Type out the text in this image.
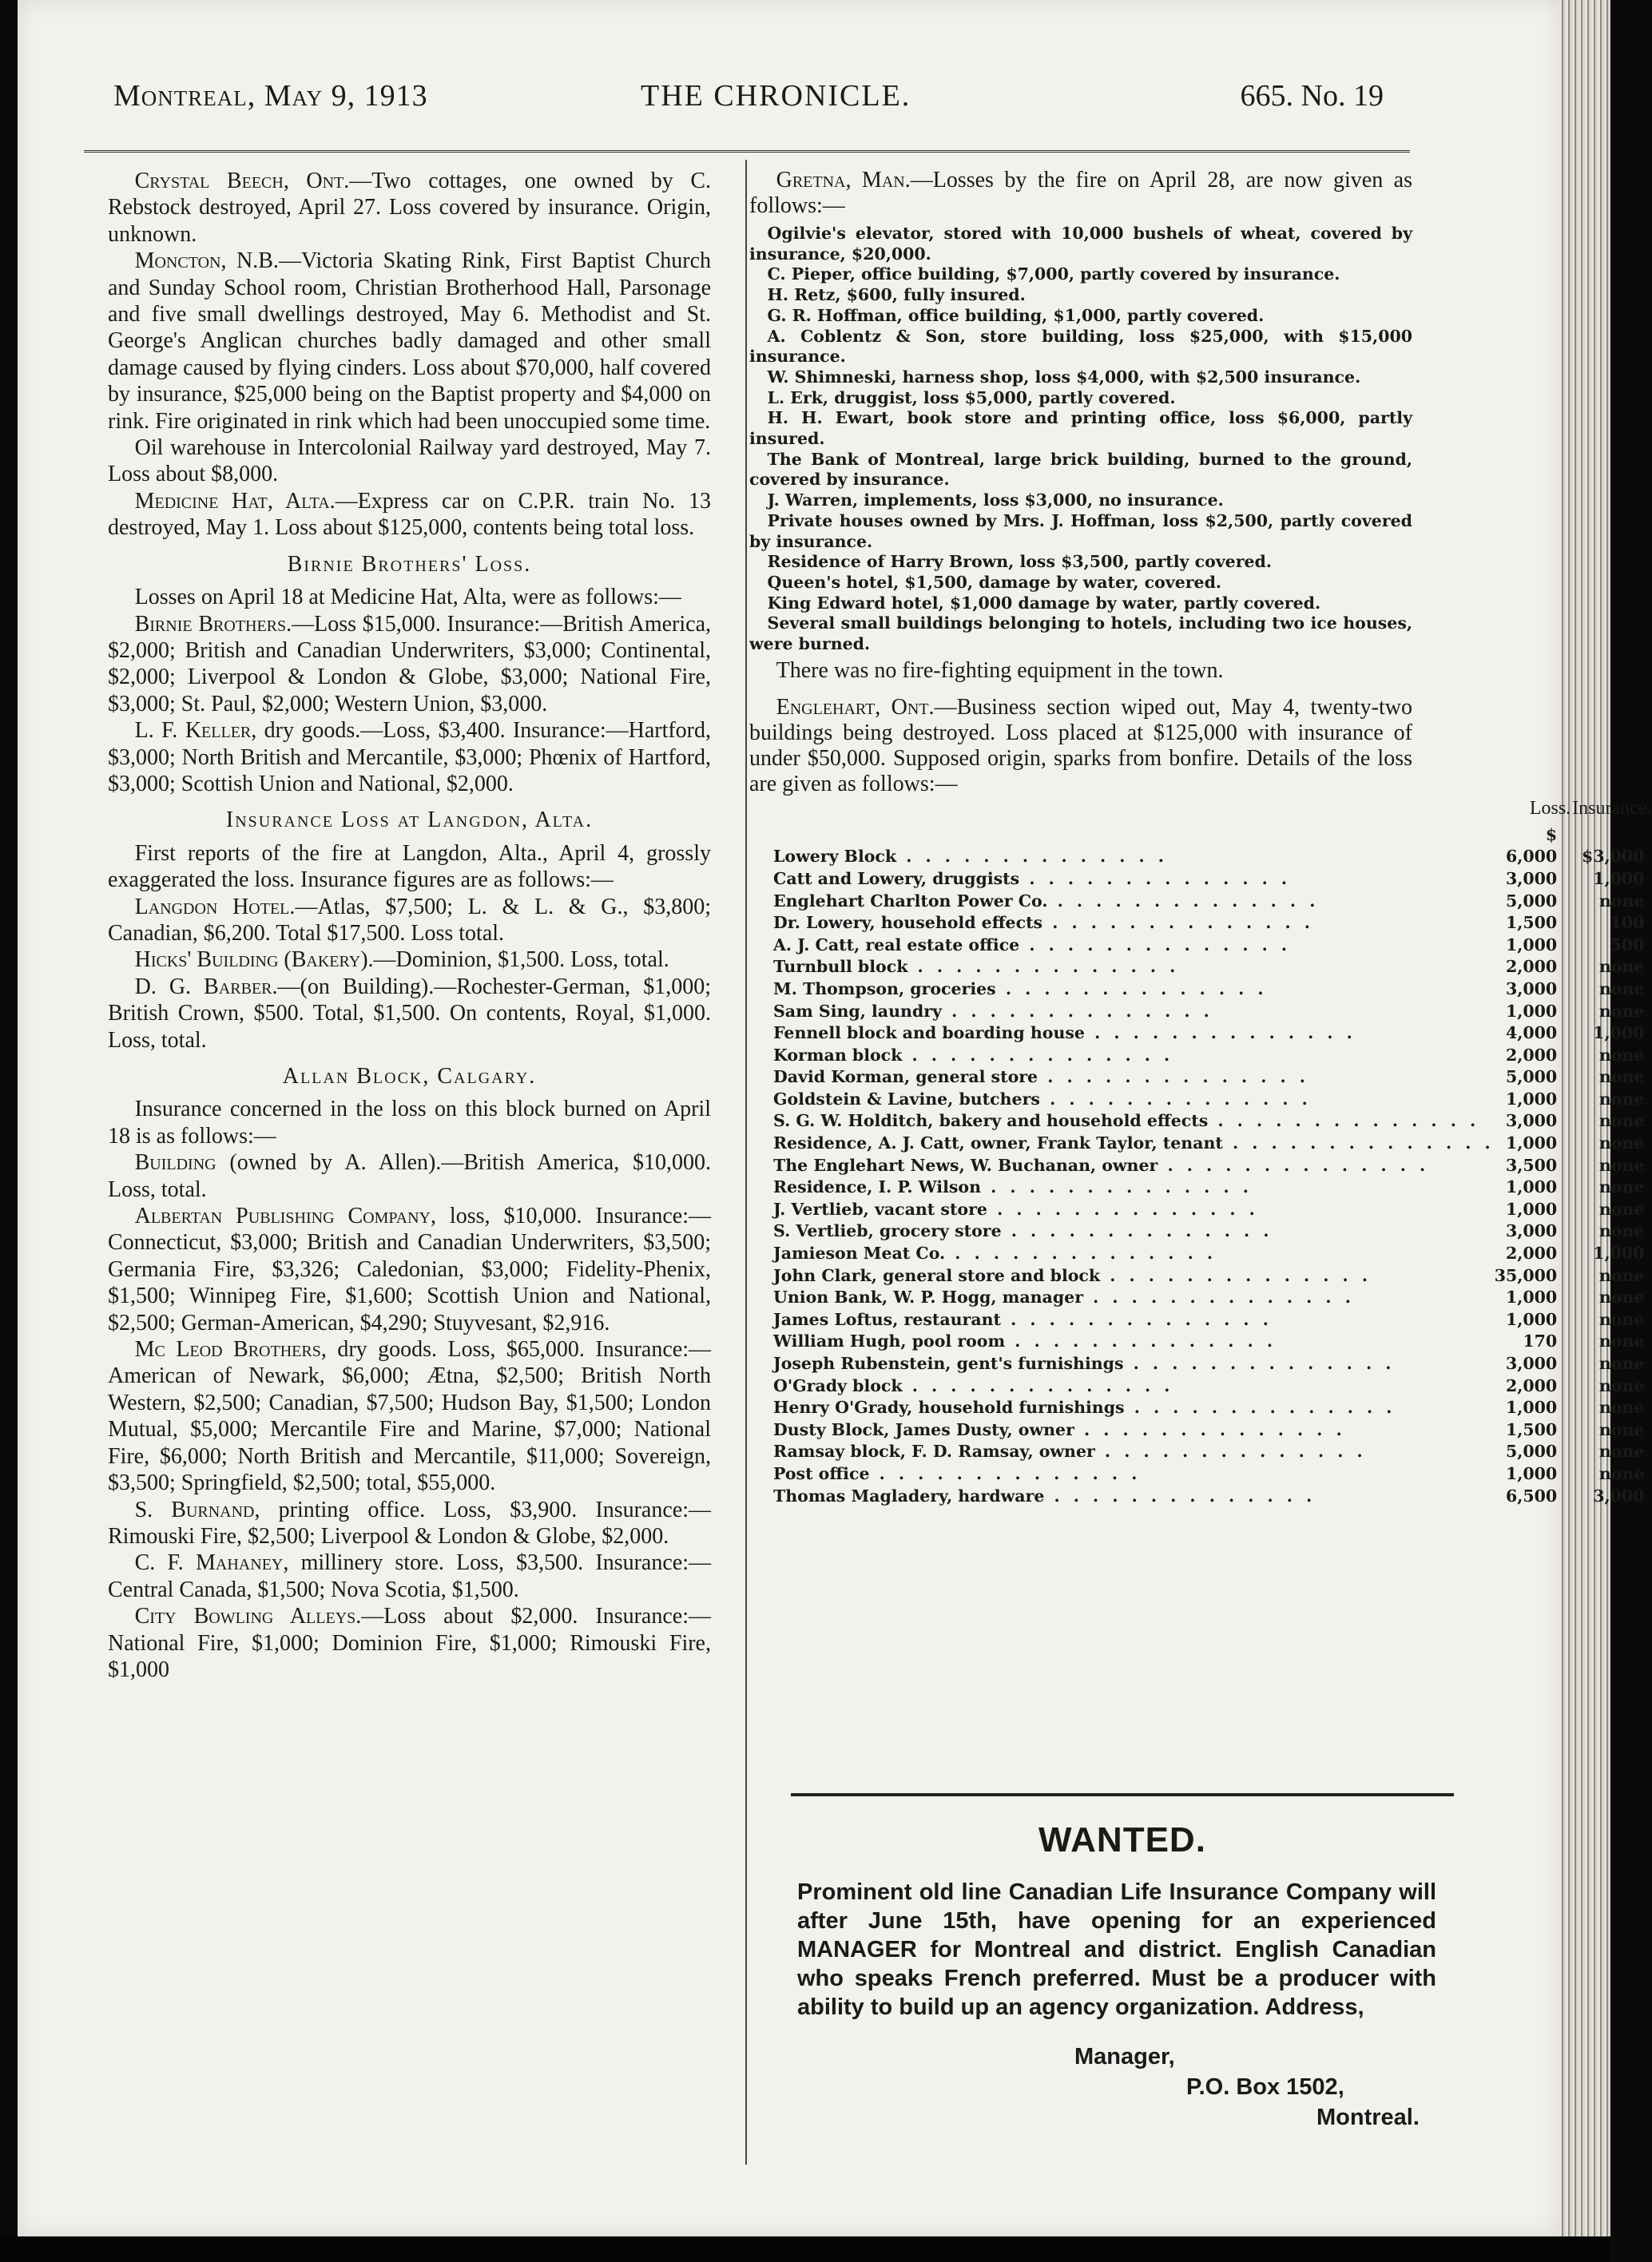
Montreal, May 9, 1913	THE CHRONICLE.	665. No. 19

Crystal Beech, Ont.—Two cottages, one owned by C. Rebstock destroyed, April 27. Loss covered by insurance. Origin, unknown.

Moncton, N.B.—Victoria Skating Rink, First Baptist Church and Sunday School room, Christian Brotherhood Hall, Parsonage and five small dwellings destroyed, May 6. Methodist and St. George's Anglican churches badly damaged and other small damage caused by flying cinders. Loss about $70,000, half covered by insurance, $25,000 being on the Baptist property and $4,000 on rink. Fire originated in rink which had been unoccupied some time.

Oil warehouse in Intercolonial Railway yard destroyed, May 7. Loss about $8,000.

Medicine Hat, Alta.—Express car on C.P.R. train No. 13 destroyed, May 1. Loss about $125,000, contents being total loss.

Birnie Brothers' Loss.

Losses on April 18 at Medicine Hat, Alta, were as follows:—

Birnie Brothers.—Loss $15,000. Insurance:—British America, $2,000; British and Canadian Underwriters, $3,000; Continental, $2,000; Liverpool & London & Globe, $3,000; National Fire, $3,000; St. Paul, $2,000; Western Union, $3,000.

L. F. Keller, dry goods.—Loss, $3,400. Insurance:—Hartford, $3,000; North British and Mercantile, $3,000; Phœnix of Hartford, $3,000; Scottish Union and National, $2,000.

Insurance Loss at Langdon, Alta.

First reports of the fire at Langdon, Alta., April 4, grossly exaggerated the loss. Insurance figures are as follows:—

Langdon Hotel.—Atlas, $7,500; L. & L. & G., $3,800; Canadian, $6,200. Total $17,500. Loss total.

Hicks' Building (Bakery).—Dominion, $1,500. Loss, total.

D. G. Barber.—(on Building).—Rochester-German, $1,000; British Crown, $500. Total, $1,500. On contents, Royal, $1,000. Loss, total.

Allan Block, Calgary.

Insurance concerned in the loss on this block burned on April 18 is as follows:—

Building (owned by A. Allen).—British America, $10,000. Loss, total.

Albertan Publishing Company, loss, $10,000. Insurance:—Connecticut, $3,000; British and Canadian Underwriters, $3,500; Germania Fire, $3,326; Caledonian, $3,000; Fidelity-Phenix, $1,500; Winnipeg Fire, $1,600; Scottish Union and National, $2,500; German-American, $4,290; Stuyvesant, $2,916.

Mc Leod Brothers, dry goods. Loss, $65,000. Insurance:—American of Newark, $6,000; Ætna, $2,500; British North Western, $2,500; Canadian, $7,500; Hudson Bay, $1,500; London Mutual, $5,000; Mercantile Fire and Marine, $7,000; National Fire, $6,000; North British and Mercantile, $11,000; Sovereign, $3,500; Springfield, $2,500; total, $55,000.

S. Burnand, printing office. Loss, $3,900. Insurance:—Rimouski Fire, $2,500; Liverpool & London & Globe, $2,000.

C. F. Mahaney, millinery store. Loss, $3,500. Insurance:—Central Canada, $1,500; Nova Scotia, $1,500.

City Bowling Alleys.—Loss about $2,000. Insurance:—National Fire, $1,000; Dominion Fire, $1,000; Rimouski Fire, $1,000

Gretna, Man.—Losses by the fire on April 28, are now given as follows:—

Ogilvie's elevator, stored with 10,000 bushels of wheat, covered by insurance, $20,000.

C. Pieper, office building, $7,000, partly covered by insurance.

H. Retz, $600, fully insured.

G. R. Hoffman, office building, $1,000, partly covered.

A. Coblentz & Son, store building, loss $25,000, with $15,000 insurance.

W. Shimneski, harness shop, loss $4,000, with $2,500 insurance.

L. Erk, druggist, loss $5,000, partly covered.

H. H. Ewart, book store and printing office, loss $6,000, partly insured.

The Bank of Montreal, large brick building, burned to the ground, covered by insurance.

J. Warren, implements, loss $3,000, no insurance.

Private houses owned by Mrs. J. Hoffman, loss $2,500, partly covered by insurance.

Residence of Harry Brown, loss $3,500, partly covered.

Queen's hotel, $1,500, damage by water, covered.

King Edward hotel, $1,000 damage by water, partly covered.

Several small buildings belonging to hotels, including two ice houses, were burned.

There was no fire-fighting equipment in the town.

Englehart, Ont.—Business section wiped out, May 4, twenty-two buildings being destroyed. Loss placed at $125,000 with insurance of under $50,000. Supposed origin, sparks from bonfire. Details of the loss are given as follows:—

	Loss.	Insurance.
Lowery Block . . . . . . . . . . . . . .	$ 6,000	$3,000
Catt and Lowery, druggists . . . . . . . . . . . . . .	3,000	1,000
Englehart Charlton Power Co. . . . . . . . . . . . . . .	5,000	none
Dr. Lowery, household effects . . . . . . . . . . . . . .	1,500	100
A. J. Catt, real estate office . . . . . . . . . . . . . .	1,000	500
Turnbull block . . . . . . . . . . . . . .	2,000	none
M. Thompson, groceries . . . . . . . . . . . . . .	3,000	none
Sam Sing, laundry . . . . . . . . . . . . . .	1,000	none
Fennell block and boarding house . . . . . . . . . . . . . .	4,000	1,000
Korman block . . . . . . . . . . . . . .	2,000	none
David Korman, general store . . . . . . . . . . . . . .	5,000	none
Goldstein & Lavine, butchers . . . . . . . . . . . . . .	1,000	none
S. G. W. Holditch, bakery and household effects . . . . . . . . . . . . . .	3,000	none
Residence, A. J. Catt, owner, Frank Taylor, tenant . . . . . . . . . . . . . .	1,000	none
The Englehart News, W. Buchanan, owner . . . . . . . . . . . . . .	3,500	none
Residence, I. P. Wilson . . . . . . . . . . . . . .	1,000	none
J. Vertlieb, vacant store . . . . . . . . . . . . . .	1,000	none
S. Vertlieb, grocery store . . . . . . . . . . . . . .	3,000	none
Jamieson Meat Co. . . . . . . . . . . . . . .	2,000	1,000
John Clark, general store and block . . . . . . . . . . . . . .	35,000	none
Union Bank, W. P. Hogg, manager . . . . . . . . . . . . . .	1,000	none
James Loftus, restaurant . . . . . . . . . . . . . .	1,000	none
William Hugh, pool room . . . . . . . . . . . . . .	170	none
Joseph Rubenstein, gent's furnishings . . . . . . . . . . . . . .	3,000	none
O'Grady block . . . . . . . . . . . . . .	2,000	none
Henry O'Grady, household furnishings . . . . . . . . . . . . . .	1,000	none
Dusty Block, James Dusty, owner . . . . . . . . . . . . . .	1,500	none
Ramsay block, F. D. Ramsay, owner . . . . . . . . . . . . . .	5,000	none
Post office . . . . . . . . . . . . . .	1,000	none
Thomas Magladery, hardware . . . . . . . . . . . . . .	6,500	3,000
WANTED.
Prominent old line Canadian Life Insurance Company will after June 15th, have opening for an experienced MANAGER for Montreal and district. English Canadian who speaks French preferred. Must be a producer with ability to build up an agency organization. Address,
Manager,
P.O. Box 1502,
Montreal.
